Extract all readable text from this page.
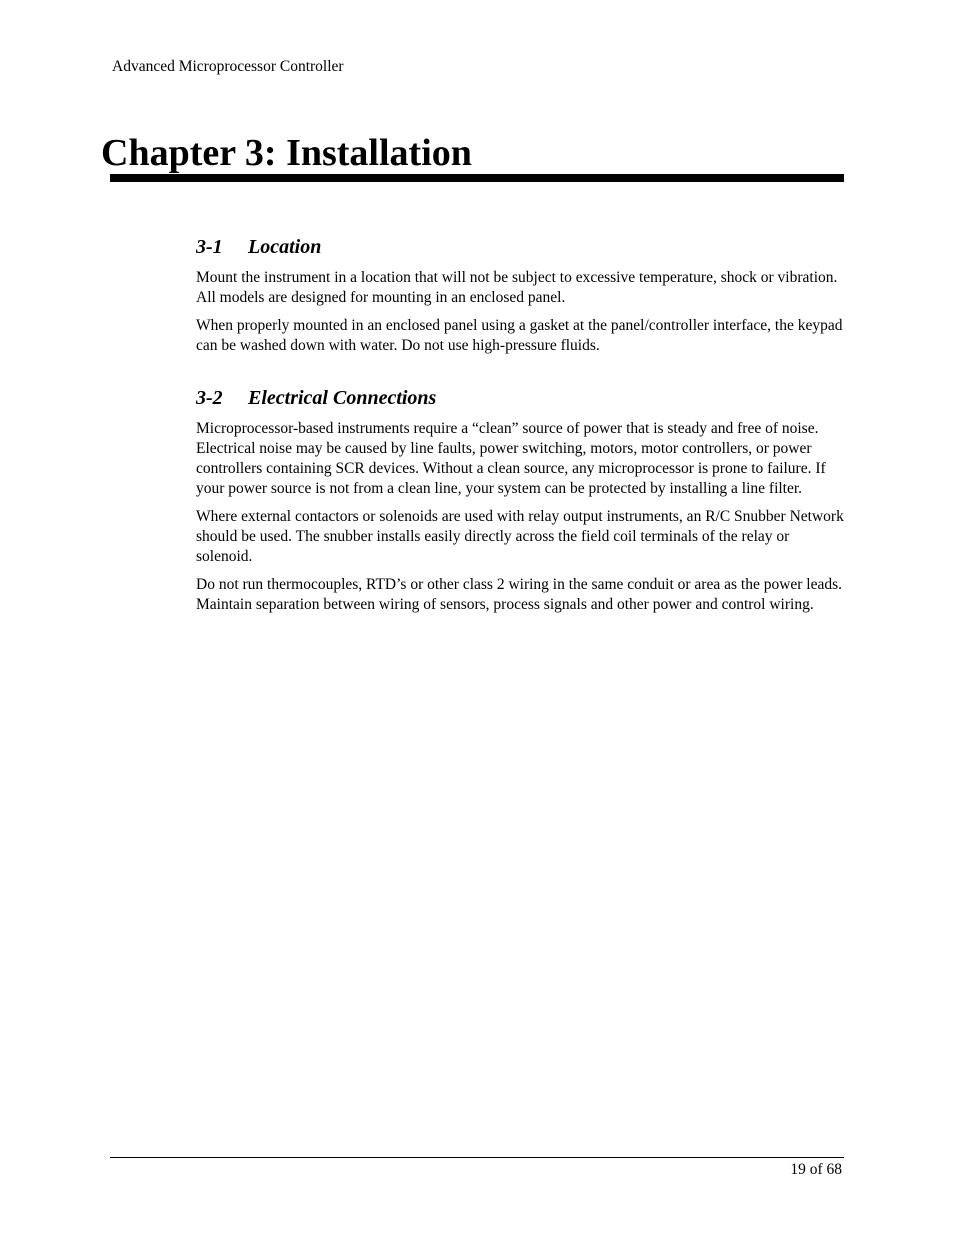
Advanced Microprocessor Controller
Chapter 3: Installation
3-1 Location

Mount the instrument in a location that will not be subject to excessive temperature, shock or vibration. All models are designed for mounting in an enclosed panel.

When properly mounted in an enclosed panel using a gasket at the panel/controller interface, the keypad can be washed down with water. Do not use high-pressure fluids.

3-2 Electrical Connections

Microprocessor-based instruments require a “clean” source of power that is steady and free of noise. Electrical noise may be caused by line faults, power switching, motors, motor controllers, or power controllers containing SCR devices. Without a clean source, any microprocessor is prone to failure. If your power source is not from a clean line, your system can be protected by installing a line filter.

Where external contactors or solenoids are used with relay output instruments, an R/C Snubber Network should be used. The snubber installs easily directly across the field coil terminals of the relay or solenoid.

Do not run thermocouples, RTD’s or other class 2 wiring in the same conduit or area as the power leads. Maintain separation between wiring of sensors, process signals and other power and control wiring.

19 of 68
